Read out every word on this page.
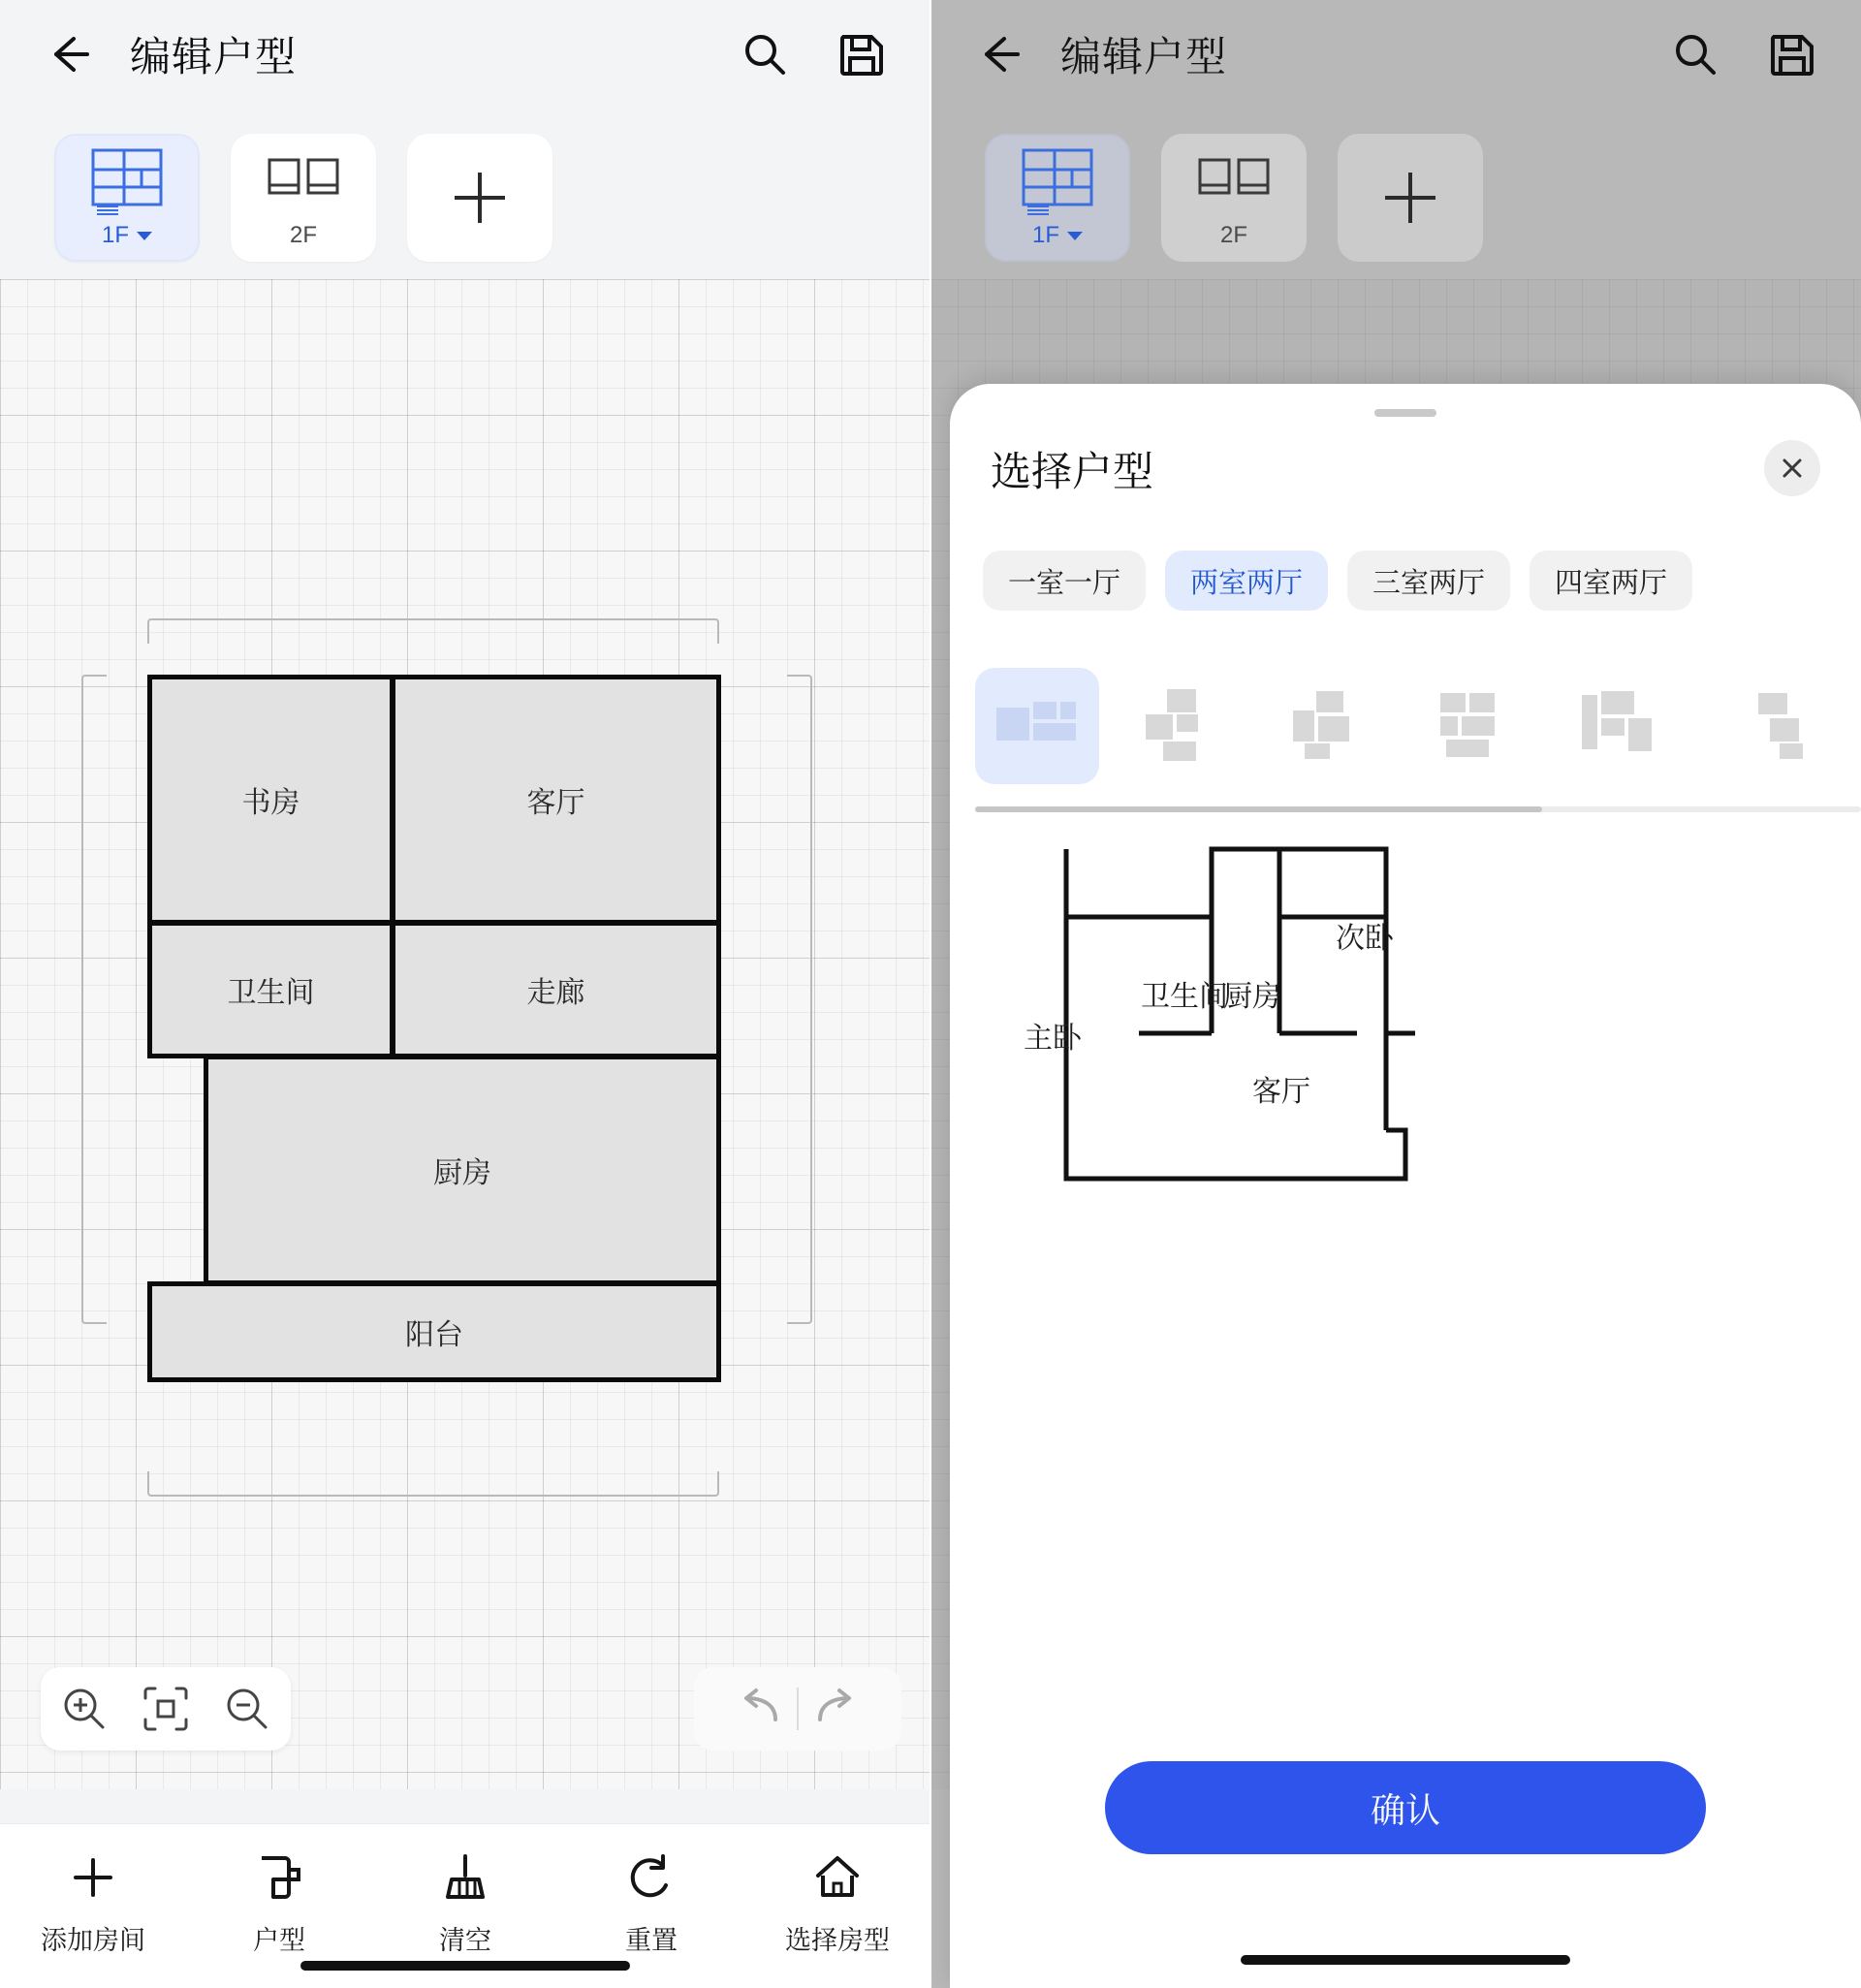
编辑户型
1F	2F
书房	客厅
卫生间	走廊
厨房
阳台
添加房间	户型	清空	重置	选择房型
编辑户型
1F	2F
选择户型
一室一厅 两室两厅 三室两厅 四室两厅
主卧
卫生间
厨房
次卧
客厅
确认
